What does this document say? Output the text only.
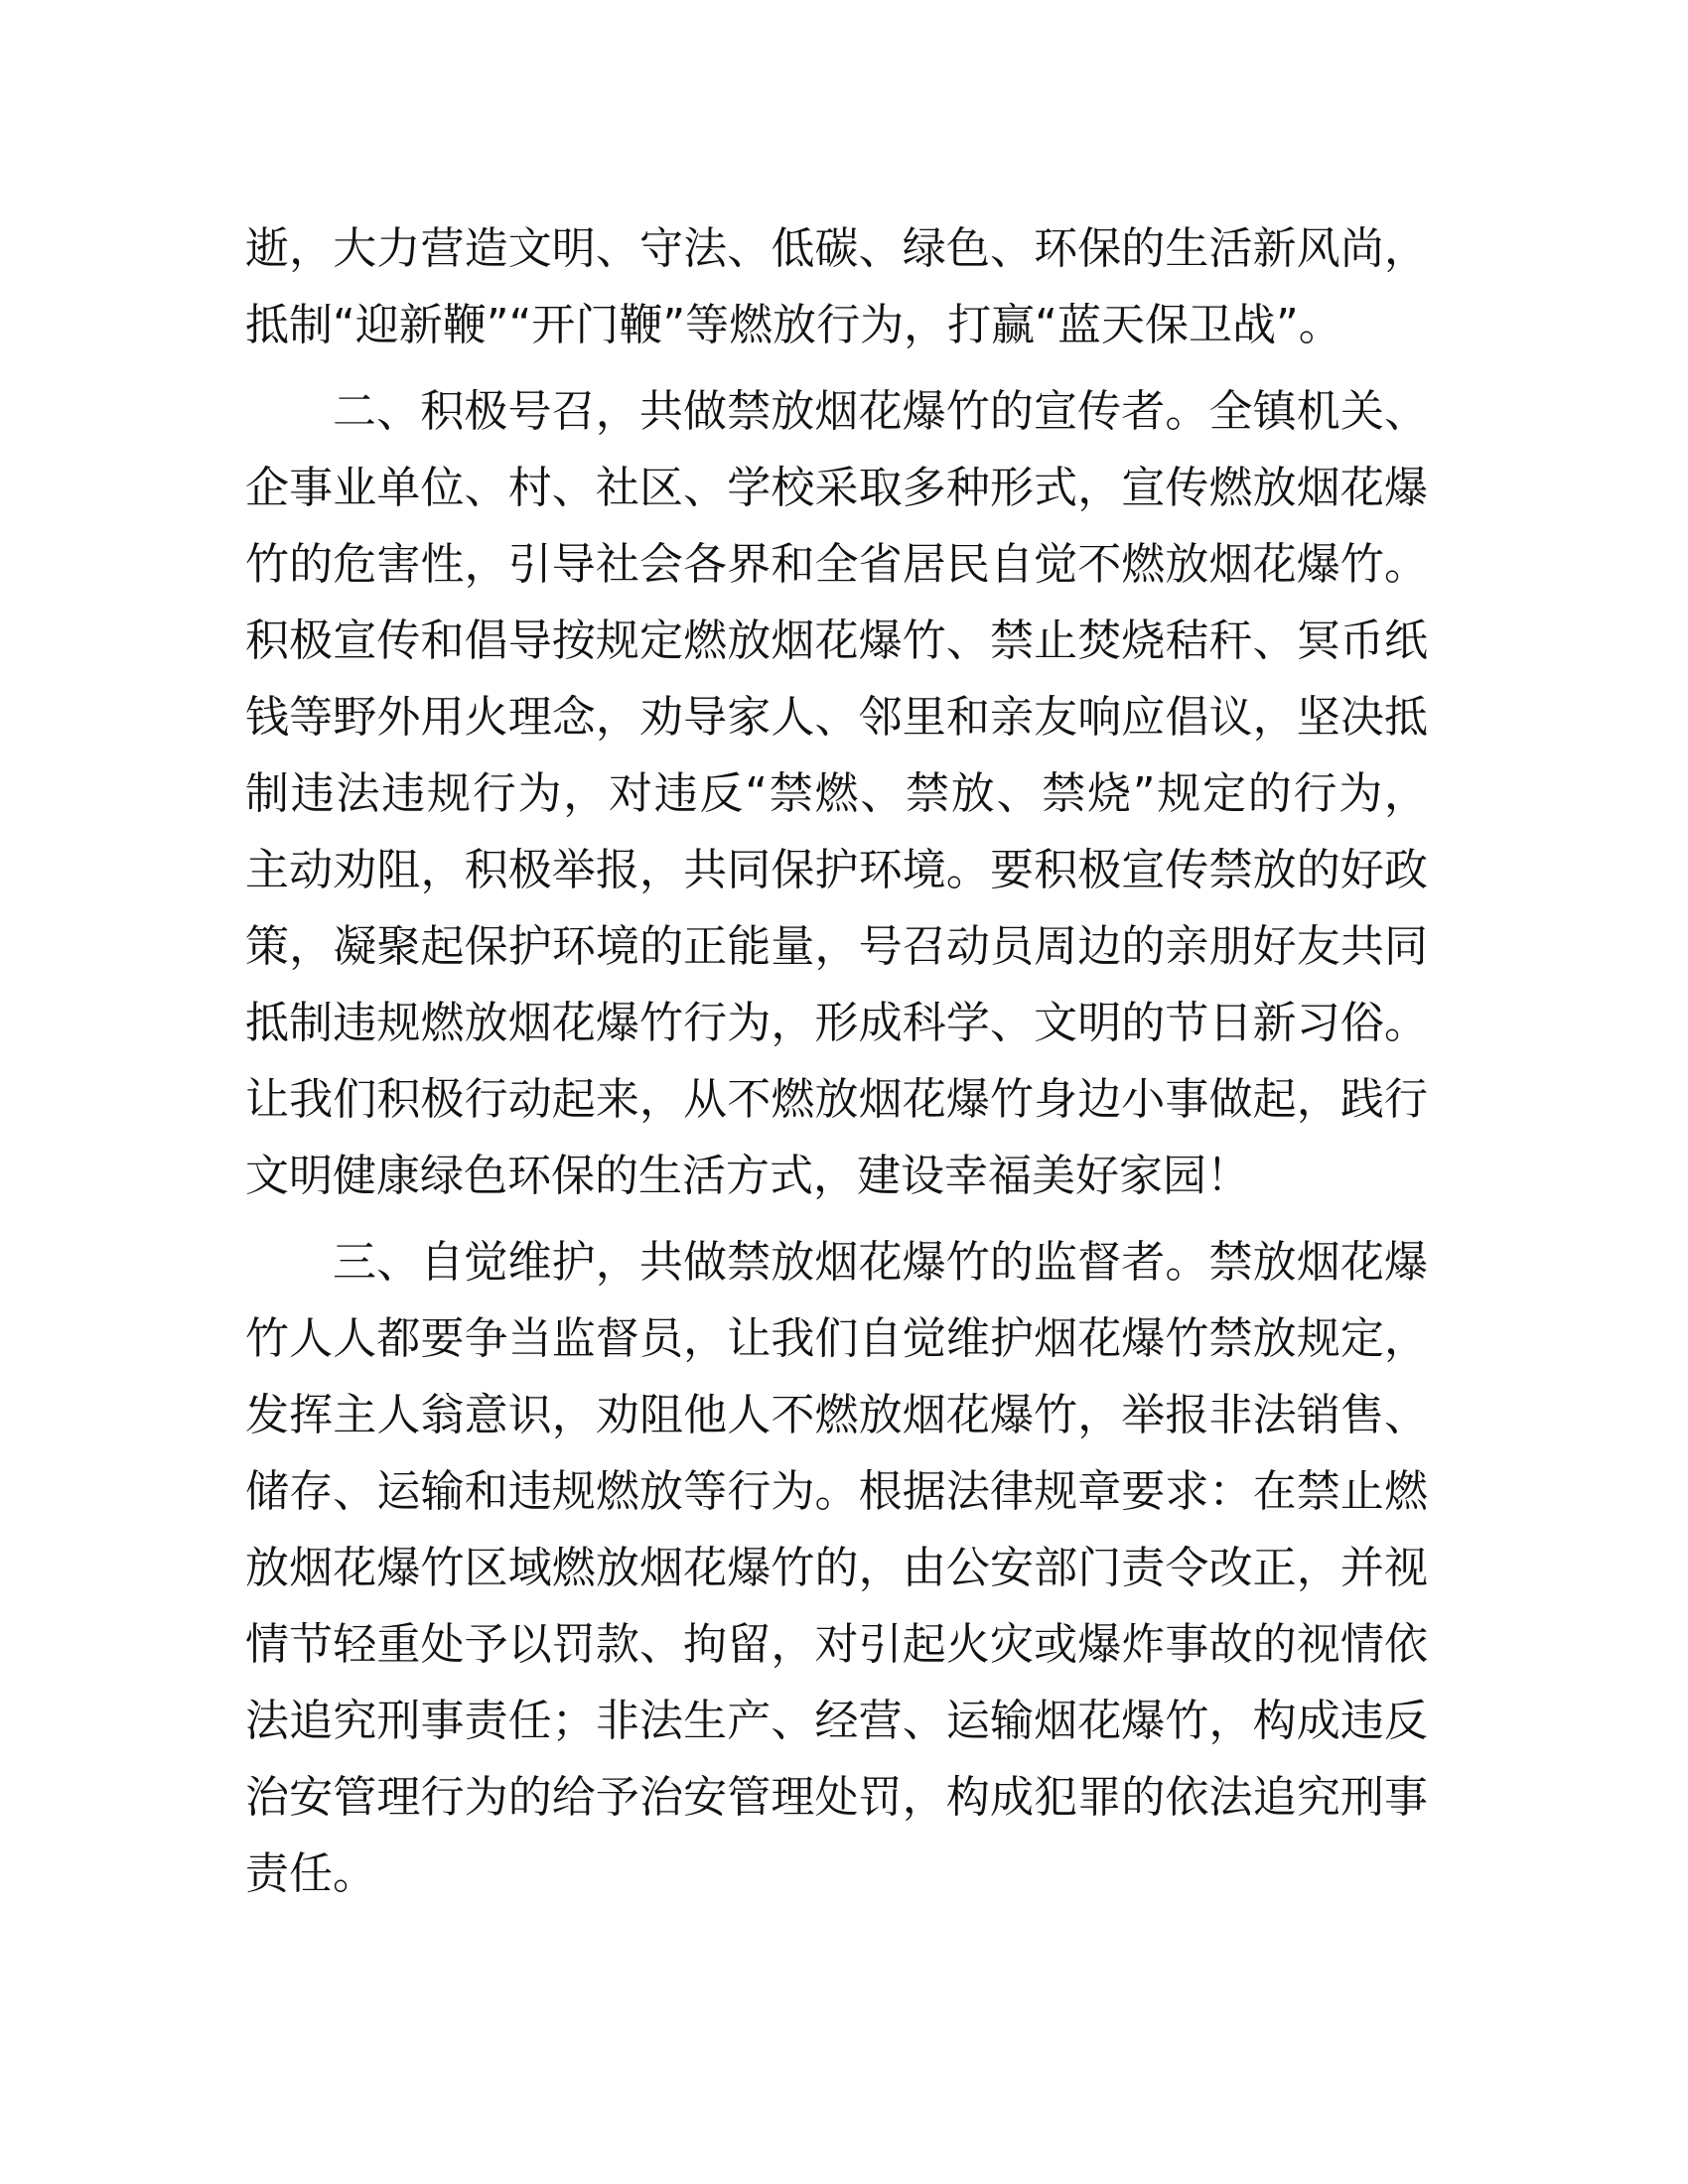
逝，大力营造文明、守法、低碳、绿色、环保的生活新风尚，
抵制“迎新鞭”“开门鞭”等燃放行为，打赢“蓝天保卫战”。
二、积极号召，共做禁放烟花爆竹的宣传者。全镇机关、
企事业单位、村、社区、学校采取多种形式，宣传燃放烟花爆
竹的危害性，引导社会各界和全省居民自觉不燃放烟花爆竹。
积极宣传和倡导按规定燃放烟花爆竹、禁止焚烧秸秆、冥币纸
钱等野外用火理念，劝导家人、邻里和亲友响应倡议，坚决抵
制违法违规行为，对违反“禁燃、禁放、禁烧”规定的行为，
主动劝阻，积极举报，共同保护环境。要积极宣传禁放的好政
策，凝聚起保护环境的正能量，号召动员周边的亲朋好友共同
抵制违规燃放烟花爆竹行为，形成科学、文明的节日新习俗。
让我们积极行动起来，从不燃放烟花爆竹身边小事做起，践行
文明健康绿色环保的生活方式，建设幸福美好家园！
三、自觉维护，共做禁放烟花爆竹的监督者。禁放烟花爆
竹人人都要争当监督员，让我们自觉维护烟花爆竹禁放规定，
发挥主人翁意识，劝阻他人不燃放烟花爆竹，举报非法销售、
储存、运输和违规燃放等行为。根据法律规章要求：在禁止燃
放烟花爆竹区域燃放烟花爆竹的，由公安部门责令改正，并视
情节轻重处予以罚款、拘留，对引起火灾或爆炸事故的视情依
法追究刑事责任；非法生产、经营、运输烟花爆竹，构成违反
治安管理行为的给予治安管理处罚，构成犯罪的依法追究刑事
责任。
